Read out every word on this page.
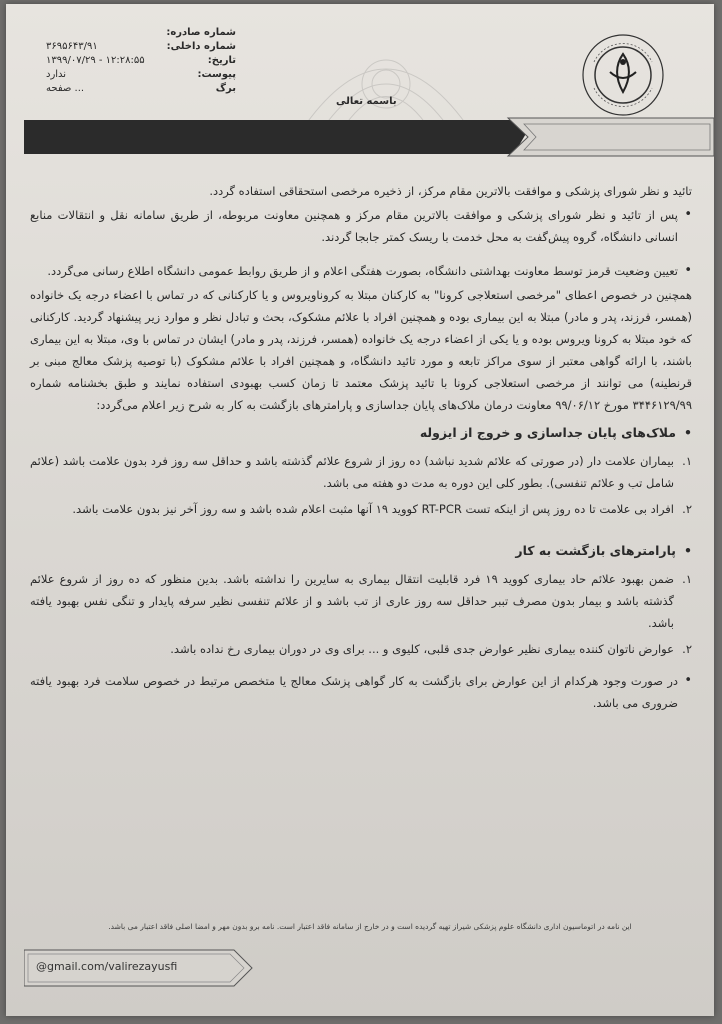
شماره صادره:
شماره داخلی:
۳۶۹۵۶۴۳/۹۱
تاریخ:
۱۳۹۹/۰۷/۲۹ - ۱۲:۲۸:۵۵
پیوست:
ندارد
برگ
صفحه ...
باسمه تعالی
تائید و نظر شورای پزشکی و موافقت بالاترین مقام مرکز، از ذخیره مرخصی استحقاقی استفاده گردد.
• پس از تائید و نظر شورای پزشکی و موافقت بالاترین مقام مرکز و همچنین معاونت مربوطه، از طریق سامانه نقل و انتقالات منابع انسانی دانشگاه، گروه پیش‌گفت به محل خدمت با ریسک کمتر جابجا گردند.
• تعیین وضعیت قرمز توسط معاونت بهداشتی دانشگاه، بصورت هفتگی اعلام و از طریق روابط عمومی دانشگاه اطلاع رسانی می‌گردد.
همچنین در خصوص اعطای "مرخصی استعلاجی کرونا" به کارکنان مبتلا به کروناویروس و یا کارکنانی که در تماس با اعضاء درجه یک خانواده (همسر، فرزند، پدر و مادر) مبتلا به این بیماری بوده و همچنین افراد با علائم مشکوک، بحث و تبادل نظر و موارد زیر پیشنهاد گردید. کارکنانی که خود مبتلا به کرونا ویروس بوده و یا یکی از اعضاء درجه یک خانواده (همسر، فرزند، پدر و مادر) ایشان در تماس با وی، مبتلا به این بیماری باشند، با ارائه گواهی معتبر از سوی مراکز تابعه و مورد تائید دانشگاه، و همچنین افراد با علائم مشکوک (با توصیه پزشک معالج مبنی بر قرنطینه) می توانند از مرخصی استعلاجی کرونا با تائید پزشک معتمد تا زمان کسب بهبودی استفاده نمایند و طبق بخشنامه شماره ۳۴۴۶۱۲۹/۹۹ مورخ ۹۹/۰۶/۱۲ معاونت درمان ملاک‌های پایان جداسازی و پارامترهای بازگشت به کار به شرح زیر اعلام می‌گردد:
• ملاک‌های پایان جداسازی و خروج از ایزوله
۱.
بیماران علامت دار (در صورتی که علائم شدید نباشد) ده روز از شروع علائم گذشته باشد و حداقل سه روز فرد بدون علامت باشد (علائم شامل تب و علائم تنفسی). بطور کلی این دوره به مدت دو هفته می باشد.
۲.
افراد بی علامت تا ده روز پس از اینکه تست RT-PCR کووید ۱۹ آنها مثبت اعلام شده باشد و سه روز آخر نیز بدون علامت باشد.
• پارامترهای بازگشت به کار
۱.
ضمن بهبود علائم حاد بیماری کووید ۱۹ فرد قابلیت انتقال بیماری به سایرین را نداشته باشد. بدین منظور که ده روز از شروع علائم گذشته باشد و بیمار بدون مصرف تببر حداقل سه روز عاری از تب باشد و از علائم تنفسی نظیر سرفه پایدار و تنگی نفس بهبود یافته باشد.
۲.
عوارض ناتوان کننده بیماری نظیر عوارض جدی قلبی، کلیوی و ... برای وی در دوران بیماری رخ نداده باشد.
• در صورت وجود هرکدام از این عوارض برای بازگشت به کار گواهی پزشک معالج یا متخصص مرتبط در خصوص سلامت فرد بهبود یافته ضروری می باشد.
این نامه در اتوماسیون اداری دانشگاه علوم پزشکی شیراز تهیه گردیده است و در خارج از سامانه فاقد اعتبار است. نامه برو بدون مهر و امضا اصلی فاقد اعتبار می باشد.
@gmail.com/valirezayusfi
